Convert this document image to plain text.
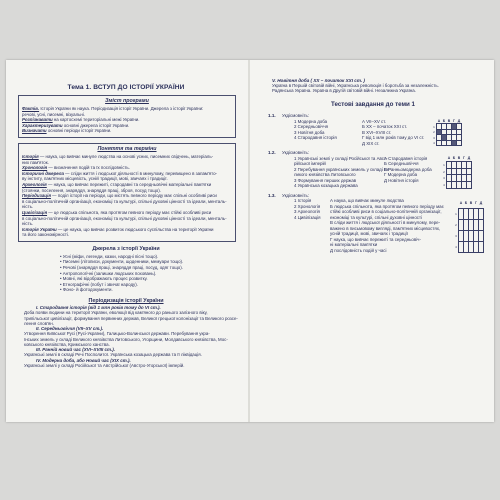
Тема 1. ВСТУП ДО ІСТОРІЇ УКРАЇНИ
Зміст програми
Фактів. Історія України як наука. Періодизація історії України. Джерела з історії України:
речові, усні, писемні, візуальні.
Розпізнавати на картосхемі територіальні межі України.
Характеризувати основні джерела історії України.
Визначати основні періоди історії України.
Поняття та терміни
Історія — наука, що вивчає минуле людства на основі усних, писемних свідчень, матеріаль-
них пам'яток.
Хронологія — визначення подій та їх послідовність.
Історичні джерела — сліди життя і людської діяльності в минулому, перевищено в запам'ято-
ву інститу, пам'ятних місцевість, усній традиції, мові, звичаях і традиції.
Археологія — наука, що вивчає пережиті, стародавні та середньовічні матеріальні пам'ятки
(стоянки, поселення, знаряддя, знаряддя праці, зброя, посуд тощо).
Періодизація — поділ історії на періоди, що містять певного періоду має спільні особливі риси
в соціально-політичній організації, економіці та культурі, спільні духовні цінності та ідеали, менталь-
ність.
Цивілізація — це людська спільнота, яка протягом певного періоду має стійкі особливі риси
в соціально-політичній організації, економіці та культурі, спільні духовні цінності та ідеали, менталь-
ність.
Історія України — це наука, що вивчає розвиток людського суспільства на території України
та його закономірності.
Джерела з історії України
• Усні (міфи, легенди, казки, народні пісні тощо).
• Писемні (літописи, документи, щоденники, мемуари тощо).
• Речові (знаряддя праці, знаряддя праці, посуд, одяг тощо).
• Антропологічні (залишки людських поховань).
• Мовні, які відображають процес розвитку.
• Етнографічні (побут і звичаї народу).
• Фоно- й фотодокументи.
Періодизація історії України
I. Стародавня історія (від 1 млн років тому до VI ст.).
Доба появи людини на території України, еволюції від кам'яного до ранього залізного віку,
трипільської цивілізації, формування первинних держав, Великої грецької колонізації та Великого розсе-
лення слов'ян.
II. Середньовіччя (VII–XV ст.).
Утворення Київської Русі (Русі-України), Галицько-Волинської держави. Перебування укра-
їнських земель у складі Великого князівства Литовського, Угорщини, Молдавського князівства, Мос-
ковського князівства, Кримського ханства.
III. Ранній новий час (XVI–XVIII ст.).
Українські землі в складі Речі Посполитої. Українська козацька держава та її ліквідація.
IV. Модерна доба, або Новий час (XIX ст.).
Українські землі у складі Російської та Австрійської (Австро-Угорської) імперій.
V. Новітня доба ( XX – початок XXI ст. )
Україна в Першій світовій війні, Українська революція і боротьба за незалежність.
Радянська Україна. Україна в Другій світовій війні. Незалежна Україна.
Тестові завдання до теми 1
1.1. Укдісмовніть:
1 Модерна доба
2 Середньовіччя
3 Новітня доба
4 Стародавня історія
А VII–XV ст.
Б XX – початок XXI ст.
В XVI–XVIII ст.
Г від 1 млн років тому до VI ст.
Д XIX ст.
	А	Б	В	Г	Д
1					
2					
3					
4					
1.2. Укдісмовніть:
1 Українські землі у складі Російської та Авст-
рійської імперій
2 Перебування українських земель у складі Ве-
ликого князівства Литовського
3 Формування перших держав
4 Українська козацька держава
А Стародавня історія
Б Середньовіччя
В Ранньомодерна доба
Г Модерна доба
Д Новітня історія
	А	Б	В	Г	Д
1					
2					
3					
4					
1.3. Укдісмовніть:
1 Історія
2 Хронологія
3 Археологія
4 Цивілізація
А наука, що вивчає минуле людства
Б людська спільнота, яка протягом певного періоду має
стійкі особливі риси в соціально-політичній організації,
економіці та культурі, спільні духовні цінності
В сліди життя і людської діяльності в минулому, пере-
важено в письмовому вигляді, пам'ятних місцевостях,
усній традиції, мові, звичаях і традиції
Г наука, що вивчає пережиті та середньовіч-
ні матеріальні пам'ятки
Д послідовність подій у часі
	А	Б	В	Г	Д
1					
2					
3					
4					
